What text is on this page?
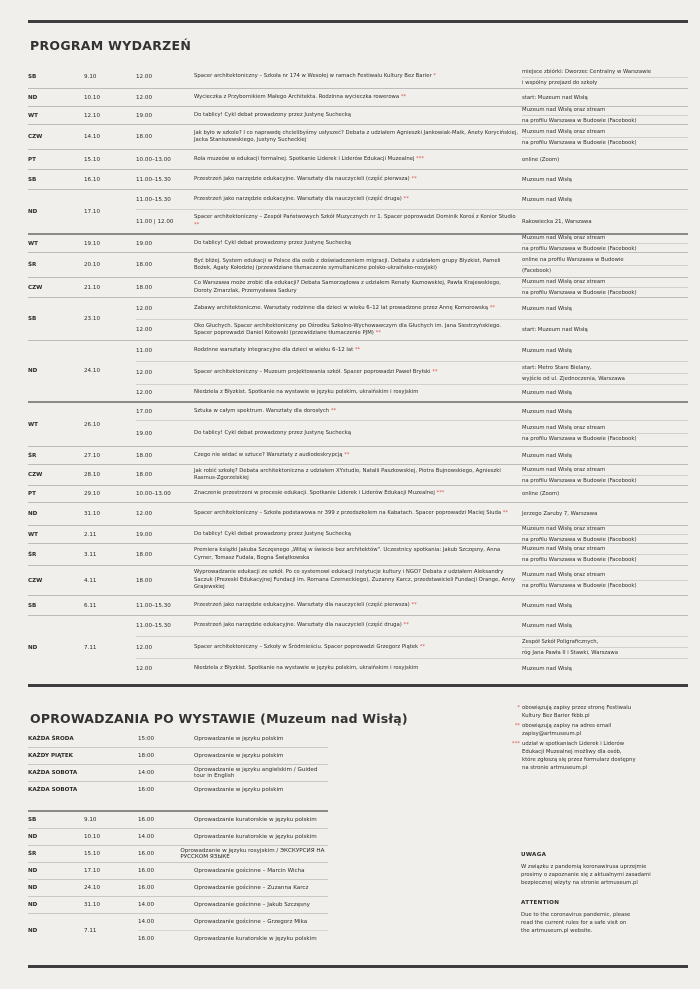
PROGRAM WYDARZEŃ
SB	9.10	12.00	Spacer architektoniczny – Szkoła nr 174 w Wesołej w ramach Festiwalu Kultury Bez Barier *
miejsce zbiórki: Dworzec Centralny w Warszawie
i wspólny przejazd do szkoły
ND	10.10	12.00	Wycieczka z Przybornikiem Małego Architekta. Rodzinna wycieczka rowerowa **	start: Muzeum nad Wisłą
WT	12.10	19.00	Do tablicy! Cykl debat prowadzony przez Justynę Suchecką
Muzeum nad Wisłą oraz stream
na profilu Warszawa w Budowie (Facebook)
CZW	14.10	18.00
Jak było w szkole? I co naprawdę chcielibyśmy usłyszeć? Debata z udziałem Agnieszki Jankowiak-Maik, Anety Korycińskiej, Jacka Staniszewskiego, Justyny Sucheckiej
Muzeum nad Wisłą oraz stream
na profilu Warszawa w Budowie (Facebook)
PT	15.10	10.00–13.00	Rola muzeów w edukacji formalnej. Spotkanie Liderek i Liderów Edukacji Muzealnej ***	online (Zoom)
SB	16.10	11.00–15.30	Przestrzeń jako narzędzie edukacyjne. Warsztaty dla nauczycieli (część pierwsza) **	Muzeum nad Wisłą
ND	17.10
11.00–15.30	Przestrzeń jako narzędzie edukacyjne. Warsztaty dla nauczycieli (część druga) **	Muzeum nad Wisłą
11.00 | 12.00
Spacer architektoniczny – Zespół Państwowych Szkół Muzycznych nr 1. Spacer poprowadzi Dominik Koroś z Konior Studio **	Rakowiecka 21, Warszawa
WT	19.10	19.00	Do tablicy! Cykl debat prowadzony przez Justynę Suchecką
Muzeum nad Wisłą oraz stream
na profilu Warszawa w Budowie (Facebook)
ŚR	20.10	18.00
Być bliżej. System edukacji w Polsce dla osób z doświadczeniem migracji. Debata z udziałem grupy Blyzkist, Pameli Bożek, Agaty Kołodziej (przewidziane tłumaczenie symultaniczne polsko-ukraińsko-rosyjski)
online na profilu Warszawa w Budowie
(Facebook)
CZW	21.10	18.00
Co Warszawa może zrobić dla edukacji? Debata Samorządowa z udziałem Renaty Kaznowskiej, Pawła Krajewskiego, Doroty Zmarzlak, Przemysława Sadury
Muzeum nad Wisłą oraz stream
na profilu Warszawa w Budowie (Facebook)
SB	23.10
12.00	Zabawy architektoniczne. Warsztaty rodzinne dla dzieci w wieku 6–12 lat prowadzone przez Annę Komorowską **	Muzeum nad Wisłą
12.00
Oko Głuchych. Spacer architektoniczny po Ośrodku Szkolno-Wychowawczym dla Głuchych im. Jana Siestrzyńskiego. Spacer poprowadzi Daniel Kotowski (przewidziane tłumaczenie PJM) **	start: Muzeum nad Wisłą
ND	24.10
11.00	Rodzinne warsztaty integracyjne dla dzieci w wieku 6–12 lat **	Muzeum nad Wisłą
12.00	Spacer architektoniczny – Muzeum projektowania szkół. Spacer poprowadzi Paweł Bryłski **
start: Metro Stare Bielany,
wyjście od ul. Zjednoczenia, Warszawa
12.00	Niedziela z Błyzkist. Spotkanie na wystawie w języku polskim, ukraińskim i rosyjskim	Muzeum nad Wisłą
WT	26.10
17.00	Sztuka w całym spektrum. Warsztaty dla dorosłych **	Muzeum nad Wisłą
19.00	Do tablicy! Cykl debat prowadzony przez Justynę Suchecką
Muzeum nad Wisłą oraz stream
na profilu Warszawa w Budowie (Facebook)
ŚR	27.10	18.00	Czego nie widać w sztuce? Warsztaty z audiodeskrypcją **	Muzeum nad Wisłą
CZW	28.10	18.00
Jak robić szkołę? Debata architektoniczna z udziałem XYstudio, Natalii Paszkowskiej, Piotra Bujnowskiego, Agnieszki Rasmus-Zgorzelskiej
Muzeum nad Wisłą oraz stream
na profilu Warszawa w Budowie (Facebook)
PT	29.10	10.00–13.00	Znaczenie przestrzeni w procesie edukacji. Spotkanie Liderek i Liderów Edukacji Muzealnej ***	online (Zoom)
ND	31.10	12.00	Spacer architektoniczny – Szkoła podstawowa nr 399 z przedszkolem na Kabatach. Spacer poprowadzi Maciej Siuda **	Jerzego Zaruby 7, Warszawa
WT	2.11	19.00	Do tablicy! Cykl debat prowadzony przez Justynę Suchecką
Muzeum nad Wisłą oraz stream
na profilu Warszawa w Budowie (Facebook)
ŚR	3.11	18.00
Premiera książki Jakuba Szczęsnego „Witaj w świecie bez architektów". Uczestnicy spotkania: Jakub Szczęsny, Anna Cymer, Tomasz Fudala, Bogna Świątkowska
Muzeum nad Wisłą oraz stream
na profilu Warszawa w Budowie (Facebook)
CZW	4.11	18.00
Wyprowadzanie edukacji ze szkół. Po co systemowi edukacji instytucje kultury i NGO? Debata z udziałem Aleksandry Saczuk (Prezeski Edukacyjnej Fundacji im. Romana Czerneckiego), Zuzanny Karcz, przedstawicieli Fundacji Orange, Anny Grajewskiej
Muzeum nad Wisłą oraz stream
na profilu Warszawa w Budowie (Facebook)
SB	6.11	11.00–15.30	Przestrzeń jako narzędzie edukacyjne. Warsztaty dla nauczycieli (część pierwsza) **	Muzeum nad Wisłą
ND	7.11
11.00–15.30	Przestrzeń jako narzędzie edukacyjne. Warsztaty dla nauczycieli (część druga) **	Muzeum nad Wisłą
12.00	Spacer architektoniczny – Szkoły w Śródmieściu. Spacer poprowadzi Grzegorz Piątek **
Zespół Szkół Poligraficznych,
róg Jana Pawła II i Stawki, Warszawa
12.00	Niedziela z Błyzkist. Spotkanie na wystawie w języku polskim, ukraińskim i rosyjskim	Muzeum nad Wisłą
OPROWADZANIA PO WYSTAWIE (Muzeum nad Wisłą)
KAŻDA ŚRODA	15:00	Oprowadzanie w języku polskim
KAŻDY PIĄTEK	18:00	Oprowadzanie w języku polskim
KAŻDA SOBOTA	14:00	Oprowadzanie w języku angielskim / Guided tour in English
KAŻDA SOBOTA	16:00	Oprowadzanie w języku polskim
SB	9.10	16.00	Oprowadzanie kuratorskie w języku polskim
ND	10.10	14.00	Oprowadzanie kuratorskie w języku polskim
ŚR	15.10	16.00	Oprowadzanie w języku rosyjskim / ЭКСКУРСИЯ НА РУССКОМ ЯЗЫКЕ
ND	17.10	16.00	Oprowadzanie gościnne – Marcin Wicha
ND	24.10	16.00	Oprowadzanie gościnne – Zuzanna Karcz
ND	31.10	14.00	Oprowadzanie gościnne – Jakub Szczęsny
ND	7.11
14.00	Oprowadzanie gościnne – Grzegorz Mika
16.00	Oprowadzanie kuratorskie w języku polskim
* obowiązują zapisy przez stronę Festiwalu
Kultury Bez Barier fkbb.pl
** obowiązują zapisy na adres email
zapisy@artmuseum.pl
*** udział w spotkaniach Liderek i Liderów
Edukacji Muzealnej możliwy dla osób,
które zgłoszą się przez formularz dostępny
na stronie artmuseum.pl
UWAGA
W związku z pandemią koronawirusa uprzejmie
prosimy o zapoznanie się z aktualnymi zasadami
bezpiecznej wizyty na stronie artmuseum.pl
ATTENTION
Due to the coronavirus pandemic, please
read the current rules for a safe visit on
the artmuseum.pl website.
